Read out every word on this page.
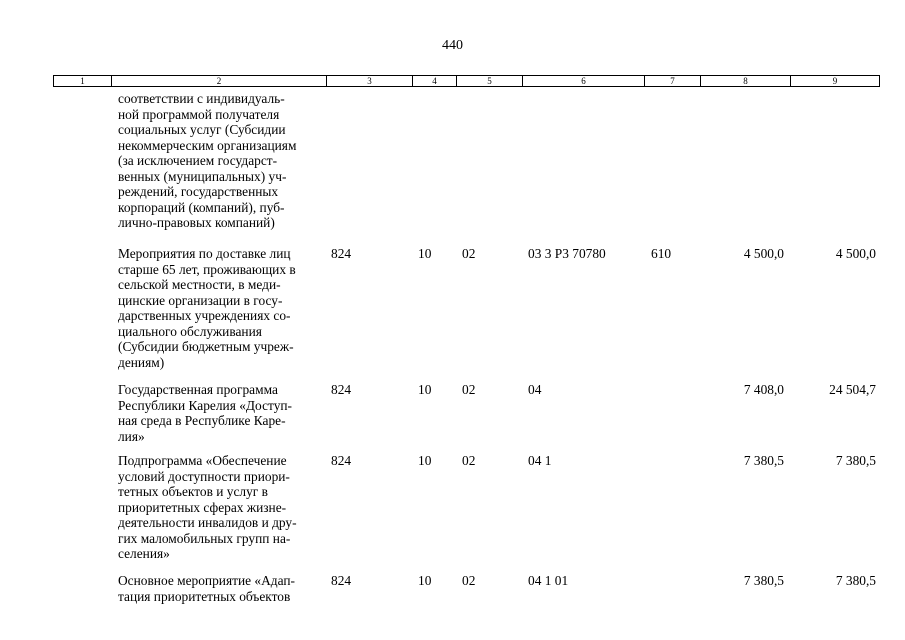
440
1	2	3	4	5	6	7	8	9
соответствии с индивидуаль-
ной программой получателя
социальных услуг (Субсидии
некоммерческим организациям
(за исключением государст-
венных (муниципальных) уч-
реждений, государственных
корпораций (компаний), пуб-
лично-правовых компаний)
Мероприятия по доставке лиц
старше 65 лет, проживающих в
сельской местности, в меди-
цинские организации в госу-
дарственных учреждениях со-
циального обслуживания
(Субсидии бюджетным учреж-
дениям)
824	10 02	03 3 P3 70780	610	4 500,0	4 500,0
Государственная программа
Республики Карелия «Доступ-
ная среда в Республике Каре-
лия»
824	10 02	04	7 408,0	24 504,7
Подпрограмма «Обеспечение
условий доступности приори-
тетных объектов и услуг в
приоритетных сферах жизне-
деятельности инвалидов и дру-
гих маломобильных групп на-
селения»
824	10 02	04 1	7 380,5	7 380,5
Основное мероприятие «Адап-
тация приоритетных объектов
824	10 02	04 1 01	7 380,5	7 380,5
